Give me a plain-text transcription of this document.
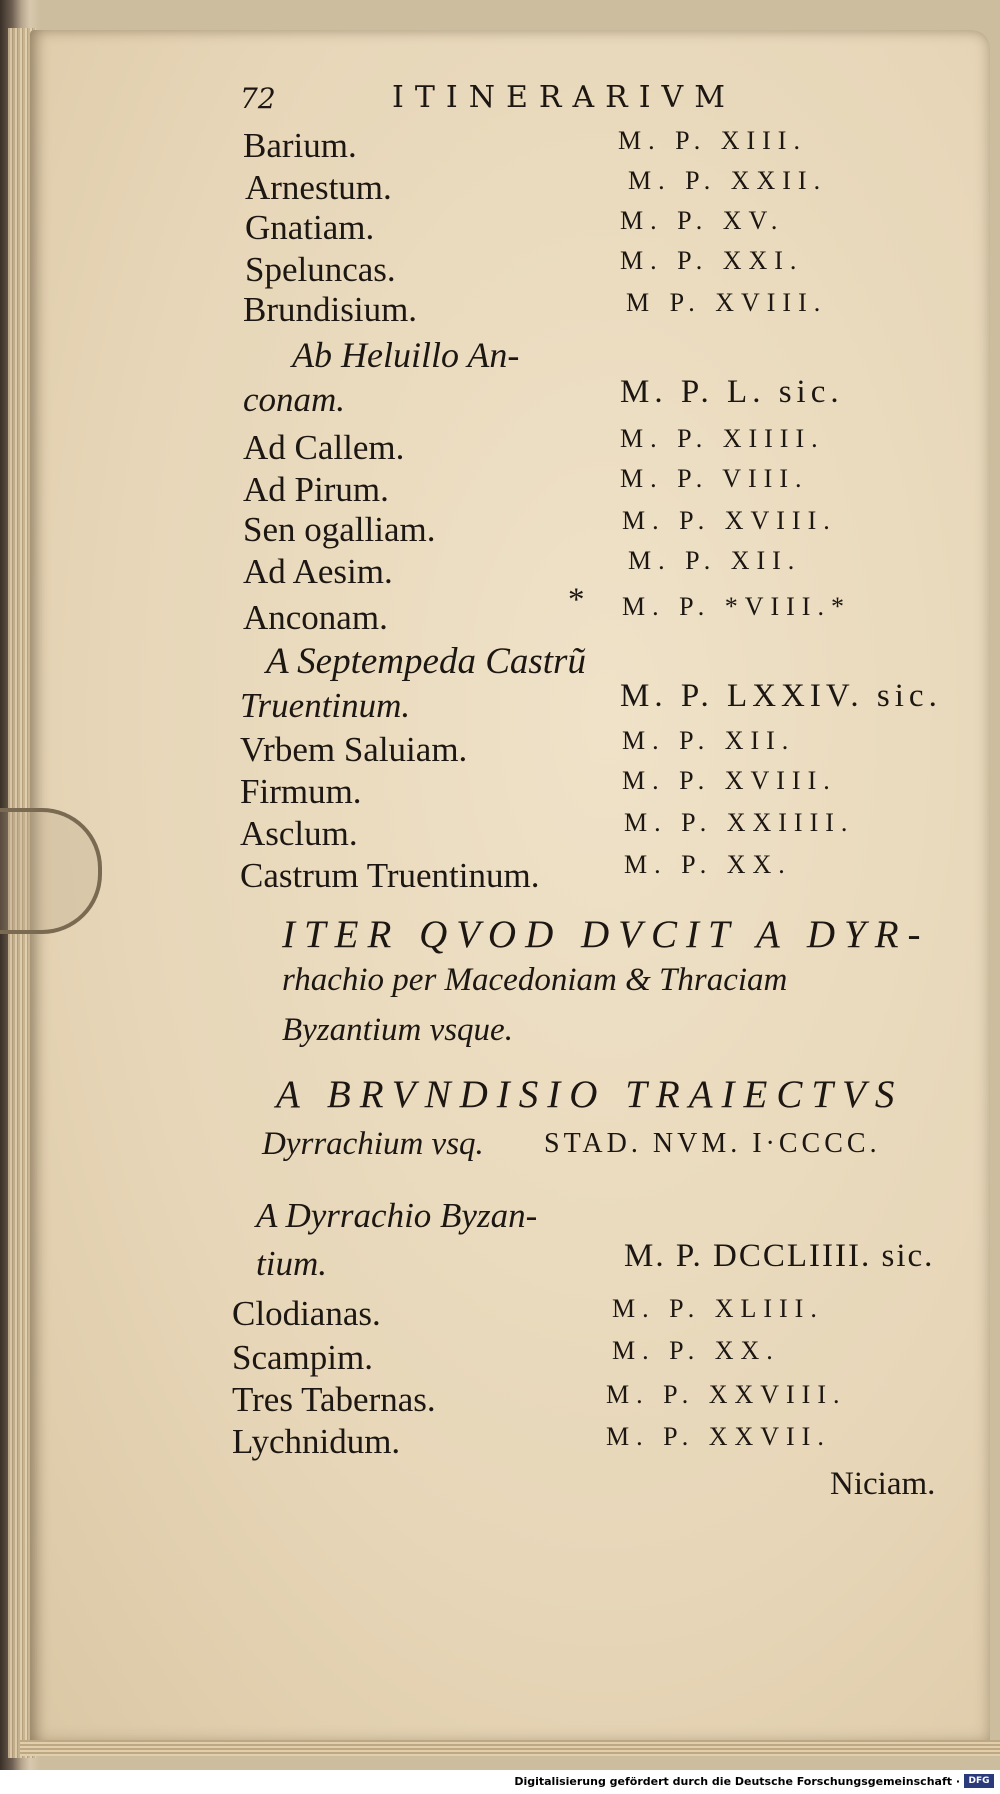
72	ITINERARIVM
Barium.	M. P. XIII.
Arnestum.	M. P. XXII.
Gnatiam.	M. P. XV.
Speluncas.	M. P. XXI.
Brundisium.	M P. XVIII.
Ab Heluillo An-
conam.	M. P. L. sic.
Ad Callem.	M. P. XIIII.
Ad Pirum.	M. P. VIII.
Sen ogalliam.	M. P. XVIII.
Ad Aesim.	M. P. XII.
Anconam.	* M. P. *VIII.*
A Septempeda Castrũ
Truentinum.	M. P. LXXIV. sic.
Vrbem Saluiam.	M. P. XII.
Firmum.	M. P. XVIII.
Asclum.	M. P. XXIIII.
Castrum Truentinum.	M. P. XX.
ITER QVOD DVCIT A DYR-
rhachio per Macedoniam & Thraciam
Byzantium vsque.
A BRVNDISIO TRAIECTVS
Dyrrachium vsq. STAD. NVM. I·CCCC.
A Dyrrachio Byzan-
tium.	M. P. DCCLIIII. sic.
Clodianas.	M. P. XLIII.
Scampim.	M. P. XX.
Tres Tabernas.	M. P. XXVIII.
Lychnidum.	M. P. XXVII.
Niciam.
Digitalisierung gefördert durch die Deutsche Forschungsgemeinschaft · DFG
